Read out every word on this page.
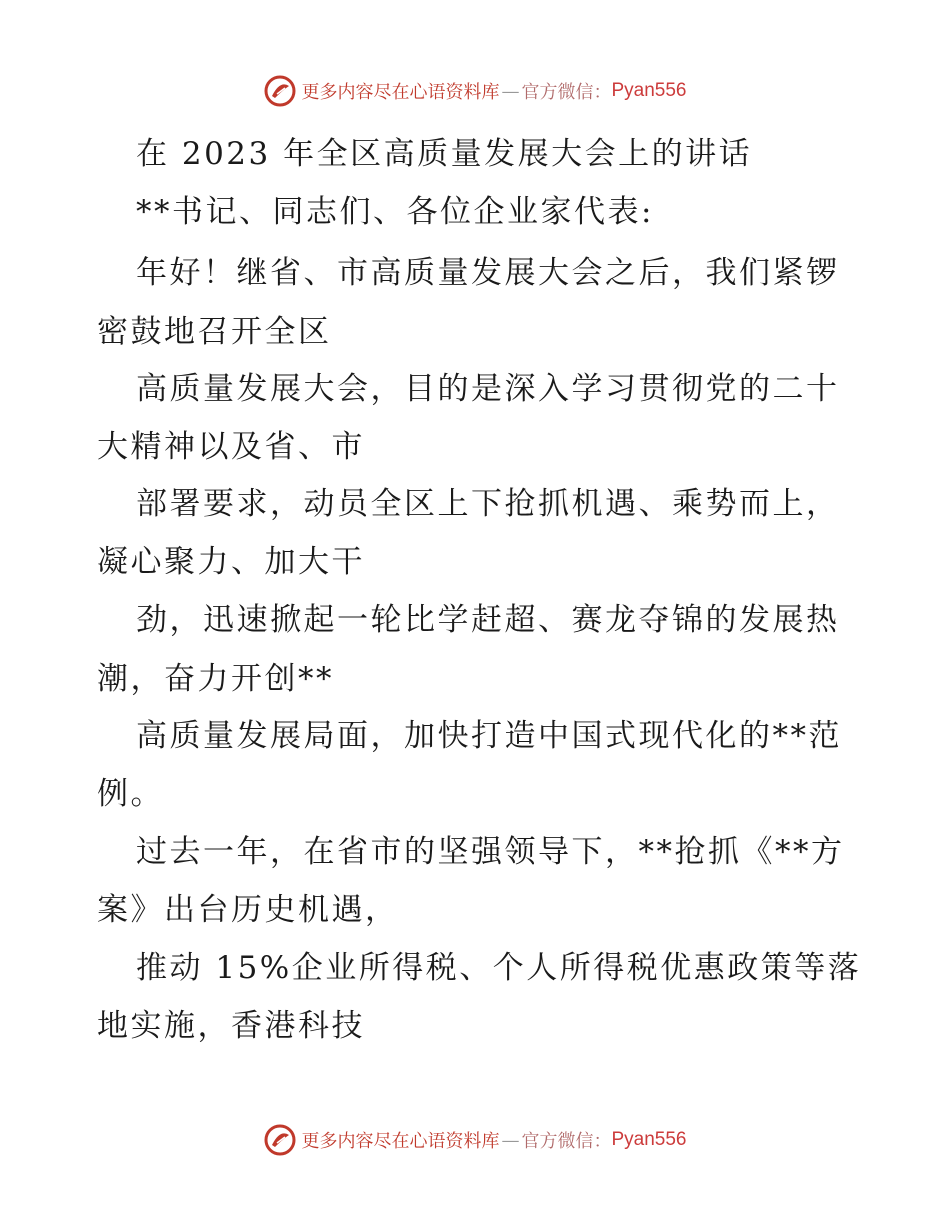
更多内容尽在心语资料库 — 官方微信： Pyan556
在 2023 年全区高质量发展大会上的讲话
**书记、同志们、各位企业家代表:
年好！继省、市高质量发展大会之后，我们紧锣
密鼓地召开全区
高质量发展大会，目的是深入学习贯彻党的二十
大精神以及省、市
部署要求，动员全区上下抢抓机遇、乘势而上，
凝心聚力、加大干
劲，迅速掀起一轮比学赶超、赛龙夺锦的发展热
潮，奋力开创**
高质量发展局面，加快打造中国式现代化的**范
例。
过去一年，在省市的坚强领导下，**抢抓《**方
案》出台历史机遇，
推动 15%企业所得税、个人所得税优惠政策等落
地实施，香港科技
更多内容尽在心语资料库 — 官方微信： Pyan556
